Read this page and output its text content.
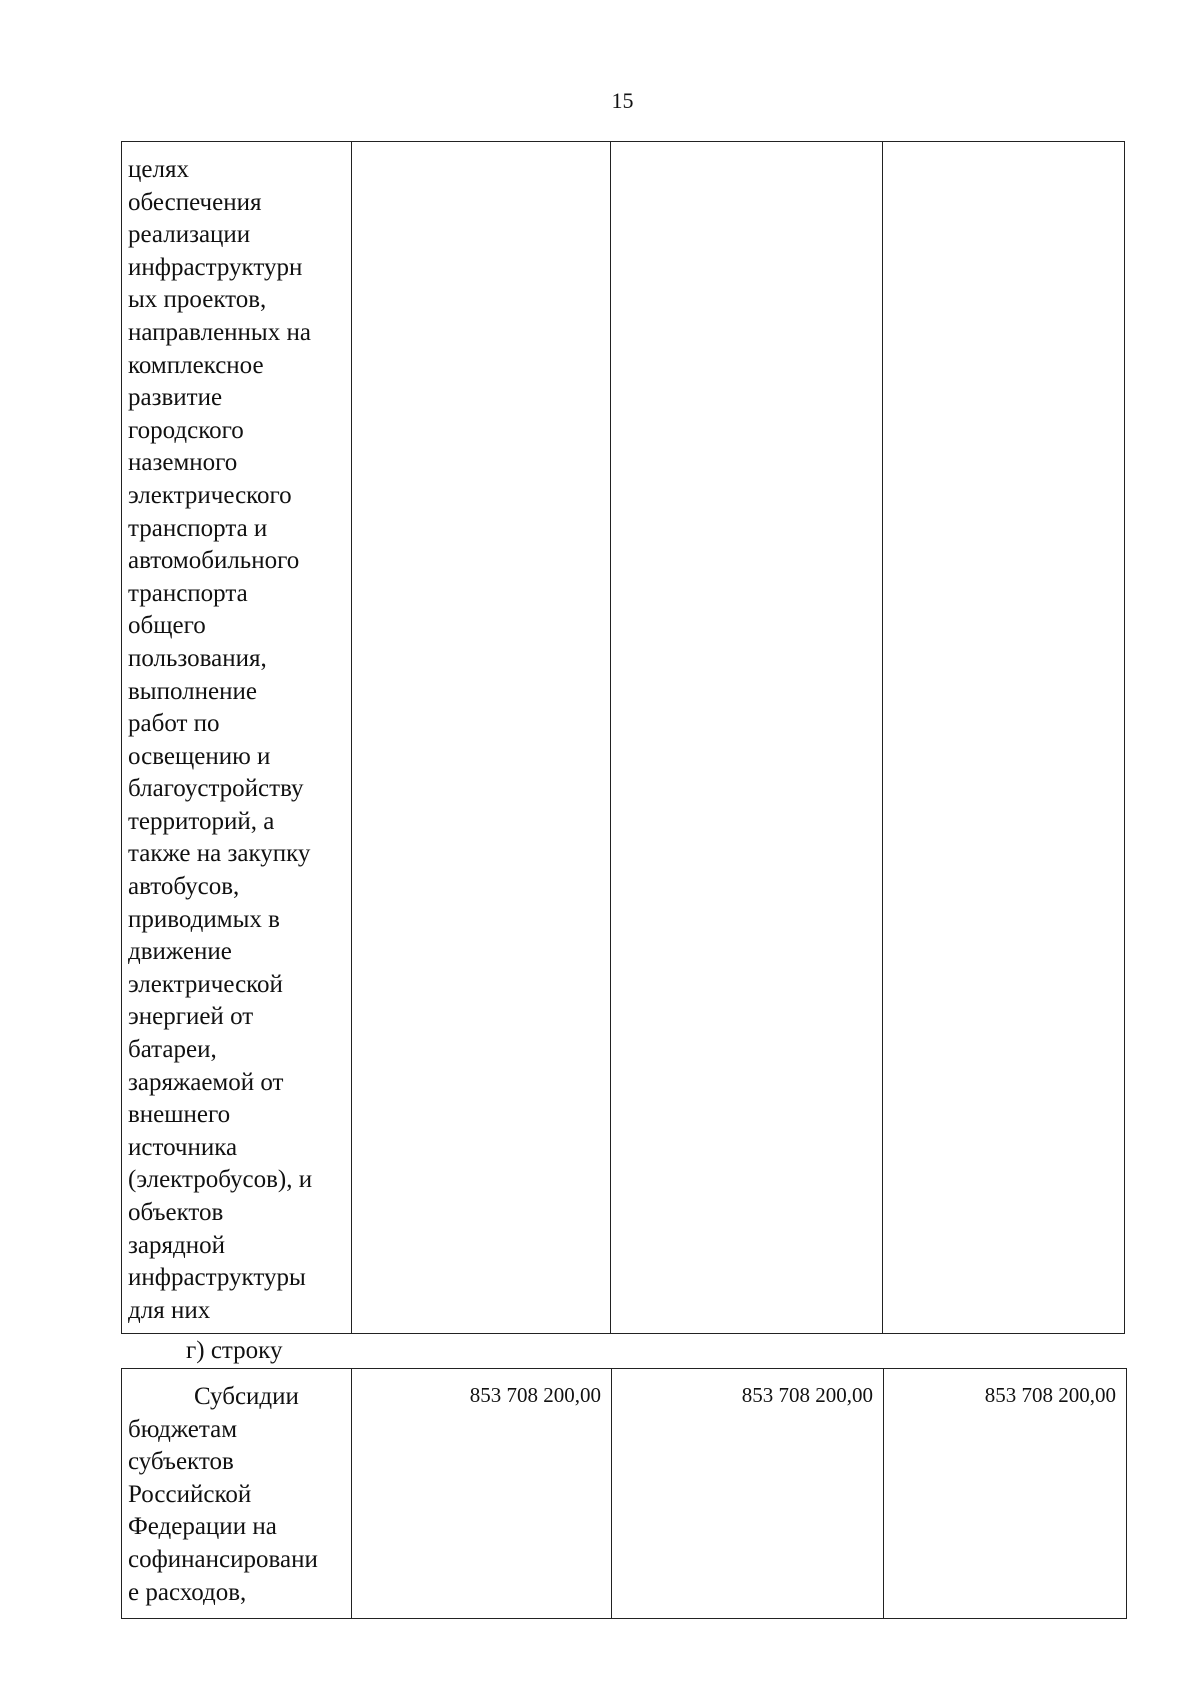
15
целях
обеспечения
реализации
инфраструктурн
ых проектов,
направленных на
комплексное
развитие
городского
наземного
электрического
транспорта и
автомобильного
транспорта
общего
пользования,
выполнение
работ по
освещению и
благоустройству
территорий, а
также на закупку
автобусов,
приводимых в
движение
электрической
энергией от
батареи,
заряжаемой от
внешнего
источника
(электробусов), и
объектов
зарядной
инфраструктуры
для них

г) строку
Субсидии
бюджетам
субъектов
Российской
Федерации на
софинансировани
е расходов,

853 708 200,00	853 708 200,00	853 708 200,00
